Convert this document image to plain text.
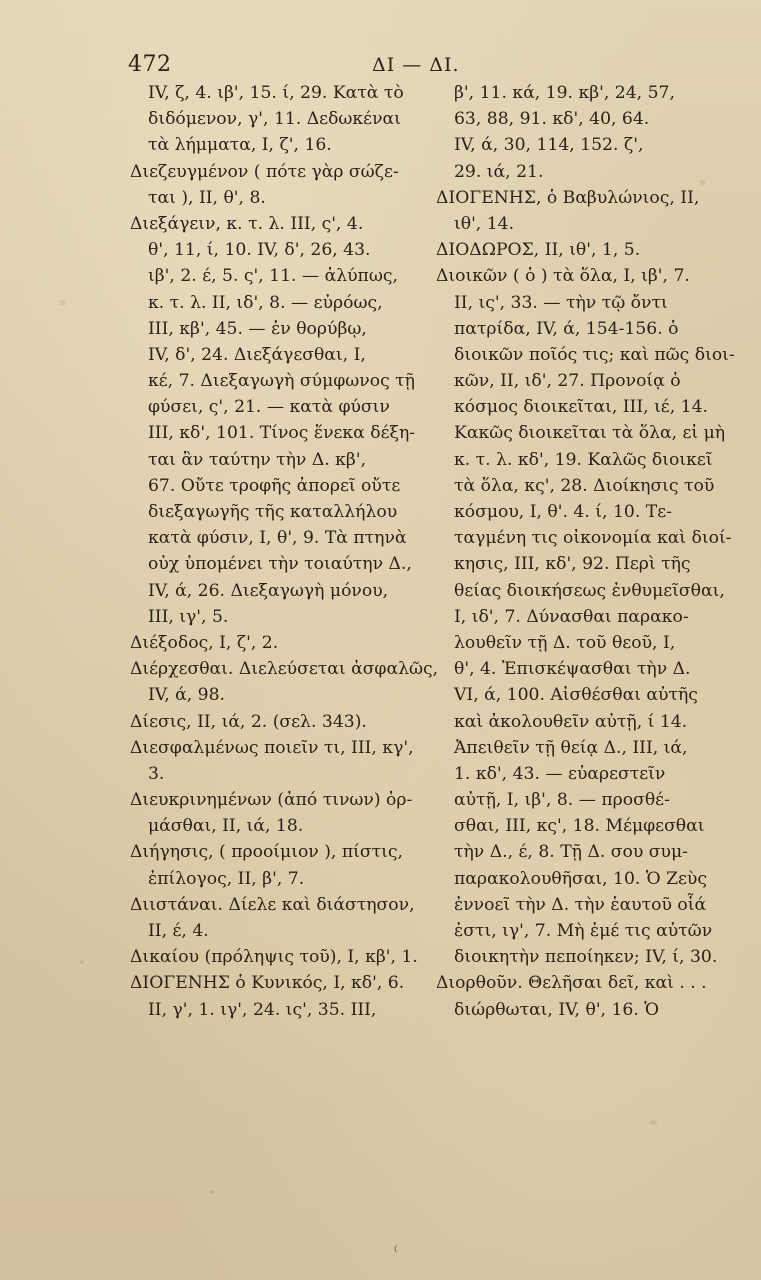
472	ΔΙ — ΔΙ.
IV, ζ, 4. ιβ', 15. ί, 29. Κατὰ τὸ
διδόμενον, γ', 11. Δεδωκέναι
τὰ λήμματα, I, ζ', 16.
Διεζευγμένον ( πότε γὰρ σώζε-
ται ), II, θ', 8.
Διεξάγειν, κ. τ. λ. III, ς', 4.
θ', 11, ί, 10. IV, δ', 26, 43.
ιβ', 2. έ, 5. ς', 11. — ἀλύπως,
κ. τ. λ. II, ιδ', 8. — εὐρόως,
III, κβ', 45. — ἐν θορύβῳ,
IV, δ', 24. Διεξάγεσθαι, I,
κέ, 7. Διεξαγωγὴ σύμφωνος τῇ
φύσει, ς', 21. — κατὰ φύσιν
III, κδ', 101. Τίνος ἕνεκα δέξη-
ται ἂν ταύτην τὴν Δ. κβ',
67. Οὔτε τροφῆς ἀπορεῖ οὔτε
διεξαγωγῆς τῆς καταλλήλου
κατὰ φύσιν, I, θ', 9. Τὰ πτηνὰ
οὐχ ὑπομένει τὴν τοιαύτην Δ.,
IV, ά, 26. Διεξαγωγὴ μόνου,
III, ιγ', 5.
Διέξοδος, I, ζ', 2.
Διέρχεσθαι. Διελεύσεται ἀσφαλῶς,
IV, ά, 98.
Δίεσις, II, ιά, 2. (σελ. 343).
Διεσφαλμένως ποιεῖν τι, III, κγ',
3.
Διευκρινημένων (ἀπό τινων) ὁρ-
μάσθαι, II, ιά, 18.
Διήγησις, ( προοίμιον ), πίστις,
ἐπίλογος, II, β', 7.
Διιστάναι. Δίελε καὶ διάστησον,
II, έ, 4.
Δικαίου (πρόληψις τοῦ), I, κβ', 1.
ΔΙΟΓΕΝΗΣ ὁ Κυνικός, I, κδ', 6.
II, γ', 1. ιγ', 24. ις', 35. III,
β', 11. κά, 19. κβ', 24, 57,
63, 88, 91. κδ', 40, 64.
IV, ά, 30, 114, 152. ζ',
29. ιά, 21.
ΔΙΟΓΕΝΗΣ, ὁ Βαβυλώνιος, II,
ιθ', 14.
ΔΙΟΔΩΡΟΣ, II, ιθ', 1, 5.
Διοικῶν ( ὁ ) τὰ ὅλα, I, ιβ', 7.
II, ις', 33. — τὴν τῷ ὄντι
πατρίδα, IV, ά, 154-156. ὁ
διοικῶν ποῖός τις; καὶ πῶς διοι-
κῶν, II, ιδ', 27. Προνοίᾳ ὁ
κόσμος διοικεῖται, III, ιέ, 14.
Κακῶς διοικεῖται τὰ ὅλα, εἰ μὴ
κ. τ. λ. κδ', 19. Καλῶς διοικεῖ
τὰ ὅλα, κς', 28. Διοίκησις τοῦ
κόσμου, I, θ'. 4. ί, 10. Τε-
ταγμένη τις οἰκονομία καὶ διοί-
κησις, III, κδ', 92. Περὶ τῆς
θείας διοικήσεως ἐνθυμεῖσθαι,
I, ιδ', 7. Δύνασθαι παρακο-
λουθεῖν τῇ Δ. τοῦ θεοῦ, I,
θ', 4. Ἐπισκέψασθαι τὴν Δ.
VI, ά, 100. Αἰσθέσθαι αὐτῆς
καὶ ἀκολουθεῖν αὐτῇ, ί 14.
Ἀπειθεῖν τῇ θείᾳ Δ., III, ιά,
1. κδ', 43. — εὐαρεστεῖν
αὐτῇ, I, ιβ', 8. — προσθέ-
σθαι, III, κς', 18. Μέμφεσθαι
τὴν Δ., έ, 8. Τῇ Δ. σου συμ-
παρακολουθῆσαι, 10. Ὁ Ζεὺς
ἐννοεῖ τὴν Δ. τὴν ἑαυτοῦ οἷά
ἐστι, ιγ', 7. Μὴ ἐμέ τις αὐτῶν
διοικητὴν πεποίηκεν; IV, ί, 30.
Διορθοῦν. Θελῆσαι δεῖ, καὶ . . .
διώρθωται, IV, θ', 16. Ὁ
⁽
